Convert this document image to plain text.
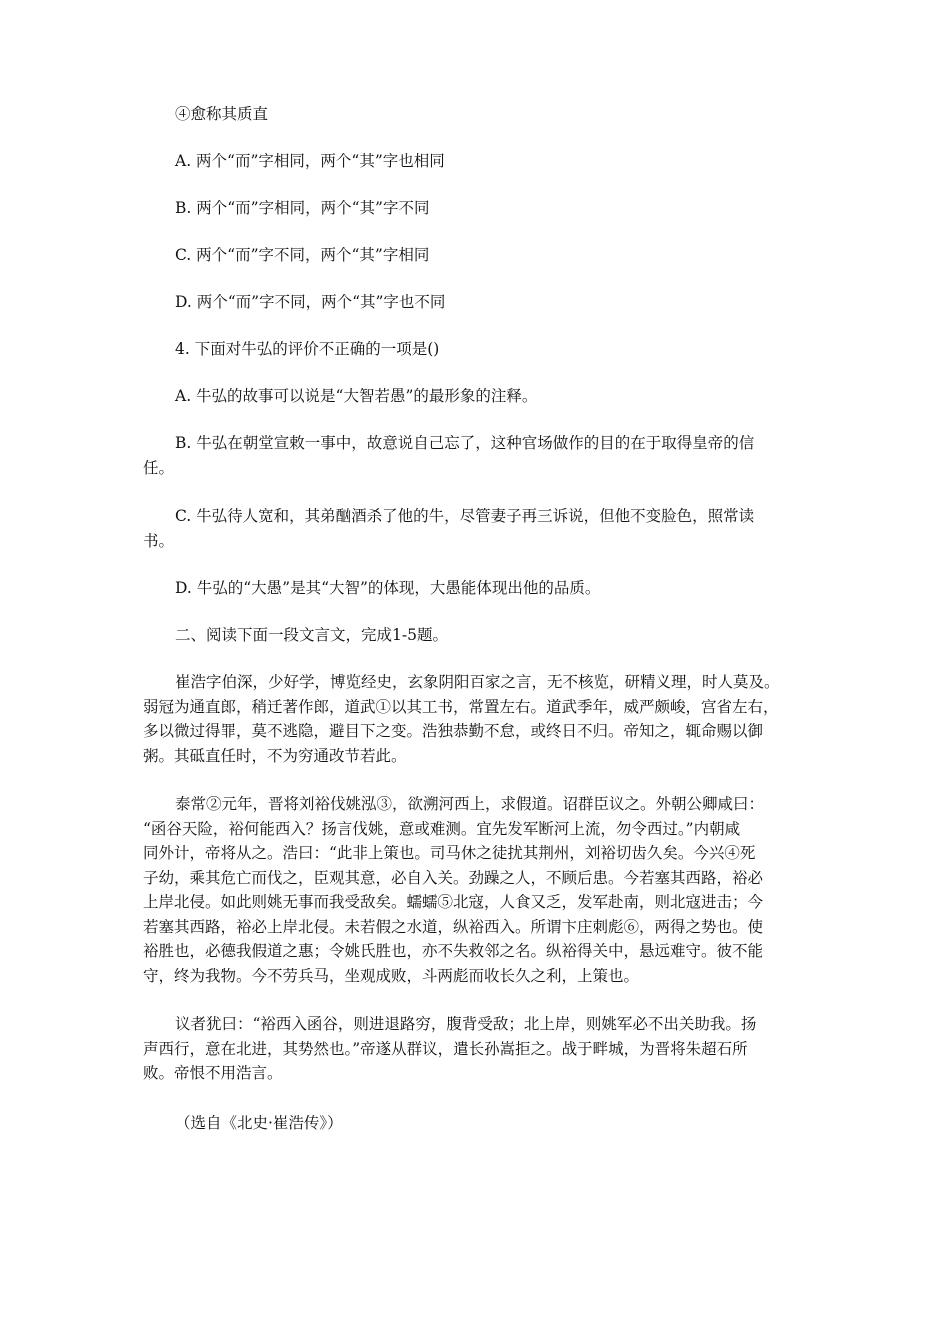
④愈称其质直
A. 两个“而”字相同，两个“其”字也相同
B. 两个“而”字相同，两个“其”字不同
C. 两个“而”字不同，两个“其”字相同
D. 两个“而”字不同，两个“其”字也不同
4. 下面对牛弘的评价不正确的一项是()
A. 牛弘的故事可以说是“大智若愚”的最形象的注释。
B. 牛弘在朝堂宣敕一事中，故意说自己忘了，这种官场做作的目的在于取得皇帝的信
任。
C. 牛弘待人宽和，其弟酗酒杀了他的牛，尽管妻子再三诉说，但他不变脸色，照常读
书。
D. 牛弘的“大愚”是其“大智”的体现，大愚能体现出他的品质。
二、阅读下面一段文言文，完成1-5题。
崔浩字伯深，少好学，博览经史，玄象阴阳百家之言，无不核览，研精义理，时人莫及。
弱冠为通直郎，稍迁著作郎，道武①以其工书，常置左右。道武季年，威严颇峻，宫省左右，
多以微过得罪，莫不逃隐，避目下之变。浩独恭勤不怠，或终日不归。帝知之，辄命赐以御
粥。其砥直任时，不为穷通改节若此。
泰常②元年，晋将刘裕伐姚泓③，欲溯河西上，求假道。诏群臣议之。外朝公卿咸曰：
“函谷天险，裕何能西入？扬言伐姚，意或难测。宜先发军断河上流，勿令西过。”内朝咸
同外计，帝将从之。浩曰：“此非上策也。司马休之徒扰其荆州，刘裕切齿久矣。今兴④死
子幼，乘其危亡而伐之，臣观其意，必自入关。劲躁之人，不顾后患。今若塞其西路，裕必
上岸北侵。如此则姚无事而我受敌矣。蠕蠕⑤北寇，人食又乏，发军赴南，则北寇进击；今
若塞其西路，裕必上岸北侵。未若假之水道，纵裕西入。所谓卞庄刺彪⑥，两得之势也。使
裕胜也，必德我假道之惠；令姚氏胜也，亦不失救邻之名。纵裕得关中，悬远难守。彼不能
守，终为我物。今不劳兵马，坐观成败，斗两彪而收长久之利，上策也。
议者犹曰：“裕西入函谷，则进退路穷，腹背受敌；北上岸，则姚军必不出关助我。扬
声西行，意在北进，其势然也。”帝遂从群议，遣长孙嵩拒之。战于畔城，为晋将朱超石所
败。帝恨不用浩言。
（选自《北史·崔浩传》）
